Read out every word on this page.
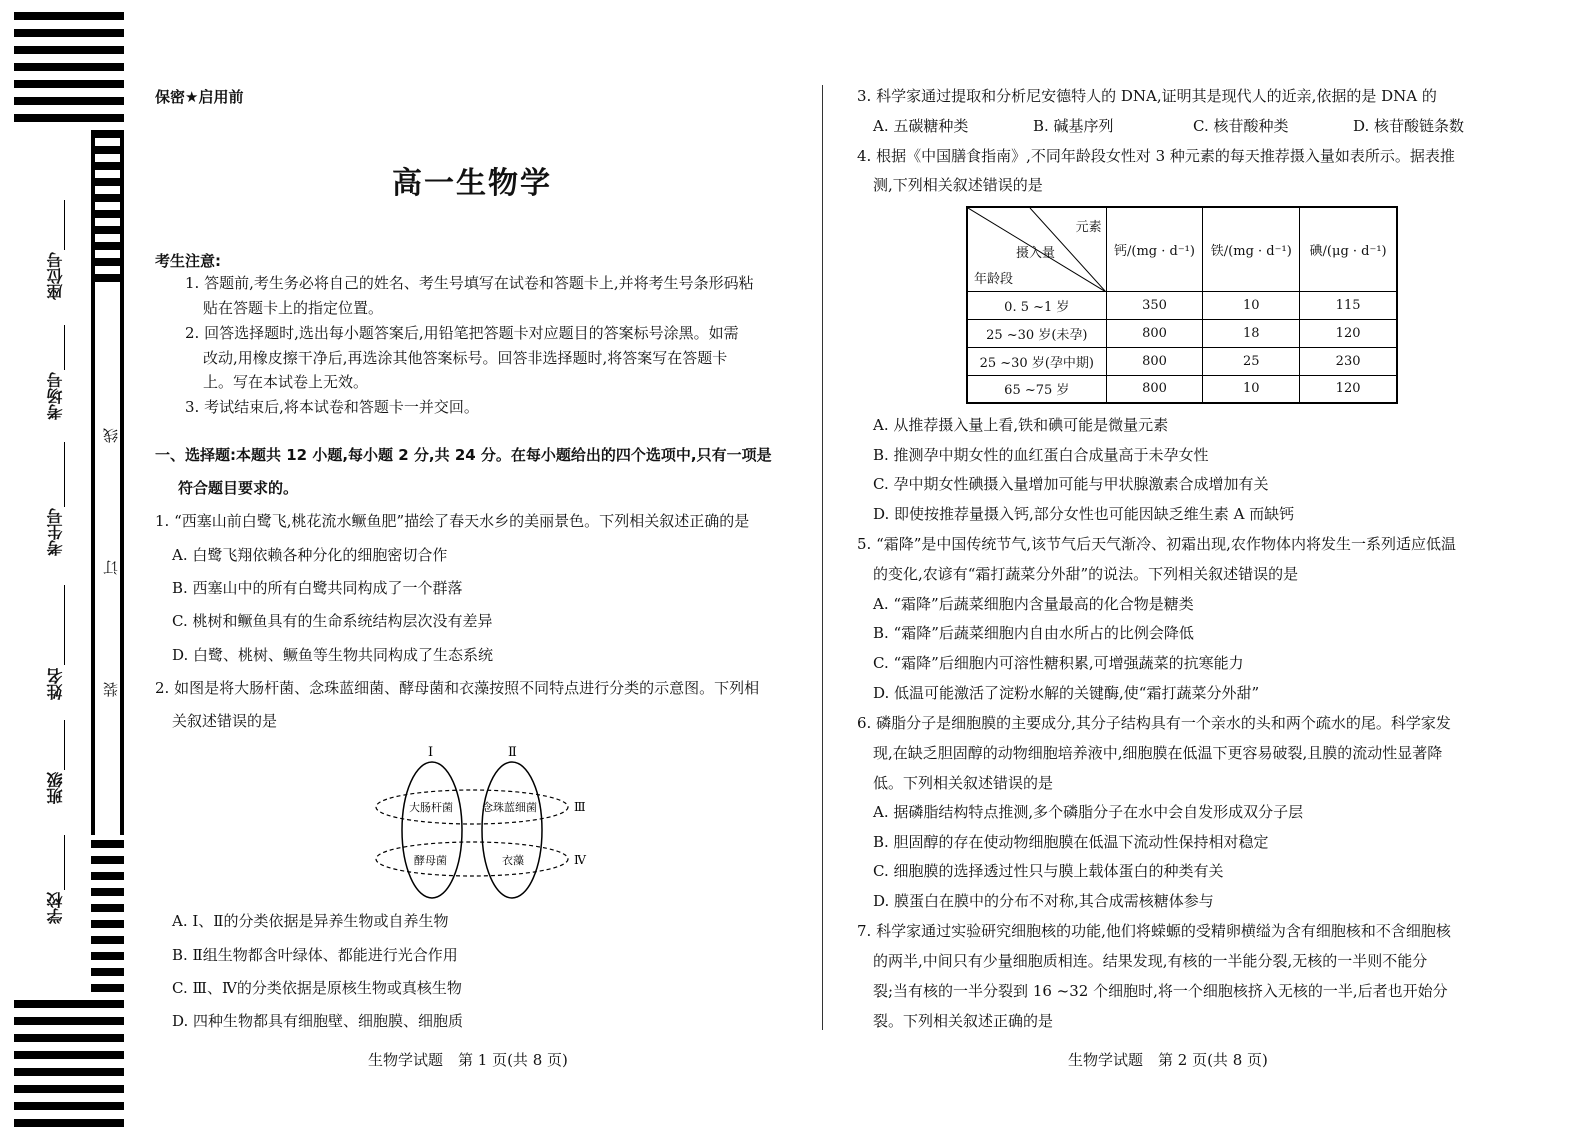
座位号
考场号
考生号
姓名
班级
学校
线
订
装
保密★启用前
高一生物学
考生注意:
1. 答题前,考生务必将自己的姓名、考生号填写在试卷和答题卡上,并将考生号条形码粘
贴在答题卡上的指定位置。
2. 回答选择题时,选出每小题答案后,用铅笔把答题卡对应题目的答案标号涂黑。如需
改动,用橡皮擦干净后,再选涂其他答案标号。回答非选择题时,将答案写在答题卡
上。写在本试卷上无效。
3. 考试结束后,将本试卷和答题卡一并交回。
一、选择题:本题共 12 小题,每小题 2 分,共 24 分。在每小题给出的四个选项中,只有一项是
符合题目要求的。
1. “西塞山前白鹭飞,桃花流水鳜鱼肥”描绘了春天水乡的美丽景色。下列相关叙述正确的是
A. 白鹭飞翔依赖各种分化的细胞密切合作
B. 西塞山中的所有白鹭共同构成了一个群落
C. 桃树和鳜鱼具有的生命系统结构层次没有差异
D. 白鹭、桃树、鳜鱼等生物共同构成了生态系统
2. 如图是将大肠杆菌、念珠蓝细菌、酵母菌和衣藻按照不同特点进行分类的示意图。下列相
关叙述错误的是
Ⅰ	Ⅱ
Ⅲ
Ⅳ
大肠杆菌	念珠蓝细菌
酵母菌	衣藻
A. Ⅰ、Ⅱ的分类依据是异养生物或自养生物
B. Ⅱ组生物都含叶绿体、都能进行光合作用
C. Ⅲ、Ⅳ的分类依据是原核生物或真核生物
D. 四种生物都具有细胞壁、细胞膜、细胞质
生物学试题　第 1 页(共 8 页)
3. 科学家通过提取和分析尼安德特人的 DNA,证明其是现代人的近亲,依据的是 DNA 的
A. 五碳糖种类	B. 碱基序列	C. 核苷酸种类	D. 核苷酸链条数
4. 根据《中国膳食指南》,不同年龄段女性对 3 种元素的每天推荐摄入量如表所示。据表推
测,下列相关叙述错误的是
元素
摄入量
年龄段	钙/(mg · d⁻¹)	铁/(mg · d⁻¹)	碘/(μg · d⁻¹)
0. 5 ~1 岁	350	10	115
25 ~30 岁(未孕)	800	18	120
25 ~30 岁(孕中期)	800	25	230
65 ~75 岁	800	10	120
A. 从推荐摄入量上看,铁和碘可能是微量元素
B. 推测孕中期女性的血红蛋白合成量高于未孕女性
C. 孕中期女性碘摄入量增加可能与甲状腺激素合成增加有关
D. 即使按推荐量摄入钙,部分女性也可能因缺乏维生素 A 而缺钙
5. “霜降”是中国传统节气,该节气后天气渐冷、初霜出现,农作物体内将发生一系列适应低温
的变化,农谚有“霜打蔬菜分外甜”的说法。下列相关叙述错误的是
A. “霜降”后蔬菜细胞内含量最高的化合物是糖类
B. “霜降”后蔬菜细胞内自由水所占的比例会降低
C. “霜降”后细胞内可溶性糖积累,可增强蔬菜的抗寒能力
D. 低温可能激活了淀粉水解的关键酶,使“霜打蔬菜分外甜”
6. 磷脂分子是细胞膜的主要成分,其分子结构具有一个亲水的头和两个疏水的尾。科学家发
现,在缺乏胆固醇的动物细胞培养液中,细胞膜在低温下更容易破裂,且膜的流动性显著降
低。下列相关叙述错误的是
A. 据磷脂结构特点推测,多个磷脂分子在水中会自发形成双分子层
B. 胆固醇的存在使动物细胞膜在低温下流动性保持相对稳定
C. 细胞膜的选择透过性只与膜上载体蛋白的种类有关
D. 膜蛋白在膜中的分布不对称,其合成需核糖体参与
7. 科学家通过实验研究细胞核的功能,他们将蝾螈的受精卵横缢为含有细胞核和不含细胞核
的两半,中间只有少量细胞质相连。结果发现,有核的一半能分裂,无核的一半则不能分
裂;当有核的一半分裂到 16 ~32 个细胞时,将一个细胞核挤入无核的一半,后者也开始分
裂。下列相关叙述正确的是
生物学试题　第 2 页(共 8 页)
